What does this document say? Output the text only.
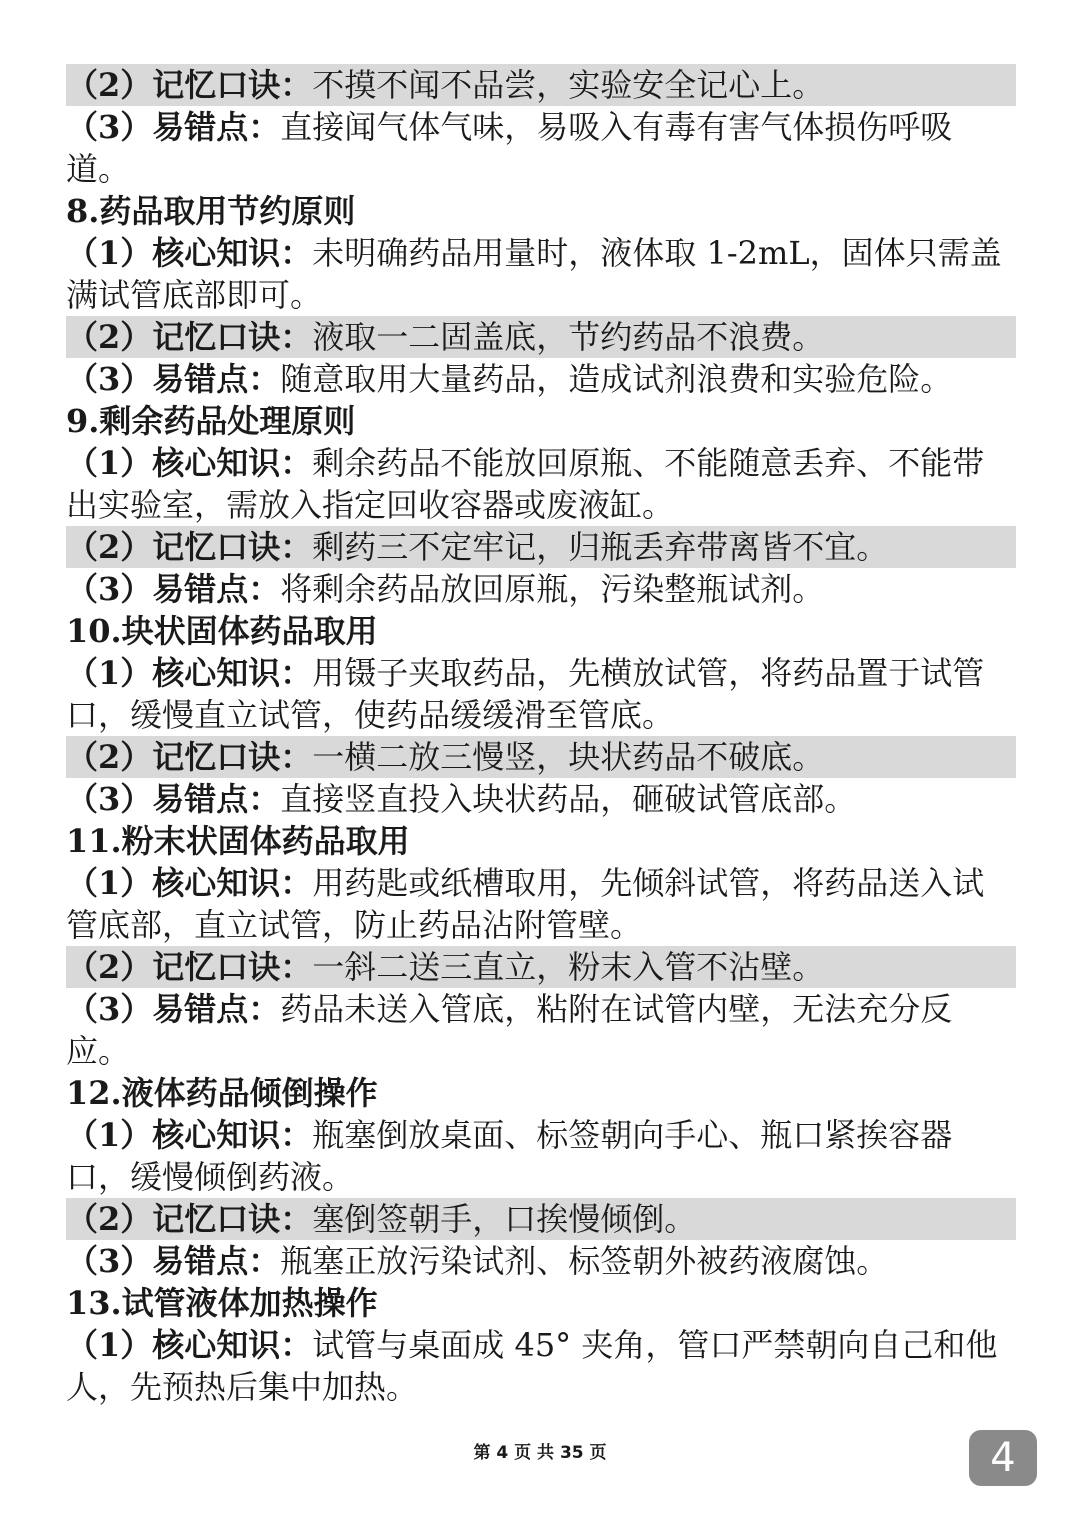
（2）记忆口诀：不摸不闻不品尝，实验安全记心上。
（3）易错点：直接闻气体气味，易吸入有毒有害气体损伤呼吸
道。
8.药品取用节约原则
（1）核心知识：未明确药品用量时，液体取 1-2mL，固体只需盖
满试管底部即可。
（2）记忆口诀：液取一二固盖底，节约药品不浪费。
（3）易错点：随意取用大量药品，造成试剂浪费和实验危险。
9.剩余药品处理原则
（1）核心知识：剩余药品不能放回原瓶、不能随意丢弃、不能带
出实验室，需放入指定回收容器或废液缸。
（2）记忆口诀：剩药三不定牢记，归瓶丢弃带离皆不宜。
（3）易错点：将剩余药品放回原瓶，污染整瓶试剂。
10.块状固体药品取用
（1）核心知识：用镊子夹取药品，先横放试管，将药品置于试管
口，缓慢直立试管，使药品缓缓滑至管底。
（2）记忆口诀：一横二放三慢竖，块状药品不破底。
（3）易错点：直接竖直投入块状药品，砸破试管底部。
11.粉末状固体药品取用
（1）核心知识：用药匙或纸槽取用，先倾斜试管，将药品送入试
管底部，直立试管，防止药品沾附管壁。
（2）记忆口诀：一斜二送三直立，粉末入管不沾壁。
（3）易错点：药品未送入管底，粘附在试管内壁，无法充分反
应。
12.液体药品倾倒操作
（1）核心知识：瓶塞倒放桌面、标签朝向手心、瓶口紧挨容器
口，缓慢倾倒药液。
（2）记忆口诀：塞倒签朝手，口挨慢倾倒。
（3）易错点：瓶塞正放污染试剂、标签朝外被药液腐蚀。
13.试管液体加热操作
（1）核心知识：试管与桌面成 45° 夹角，管口严禁朝向自己和他
人，先预热后集中加热。
第 4 页 共 35 页	4
